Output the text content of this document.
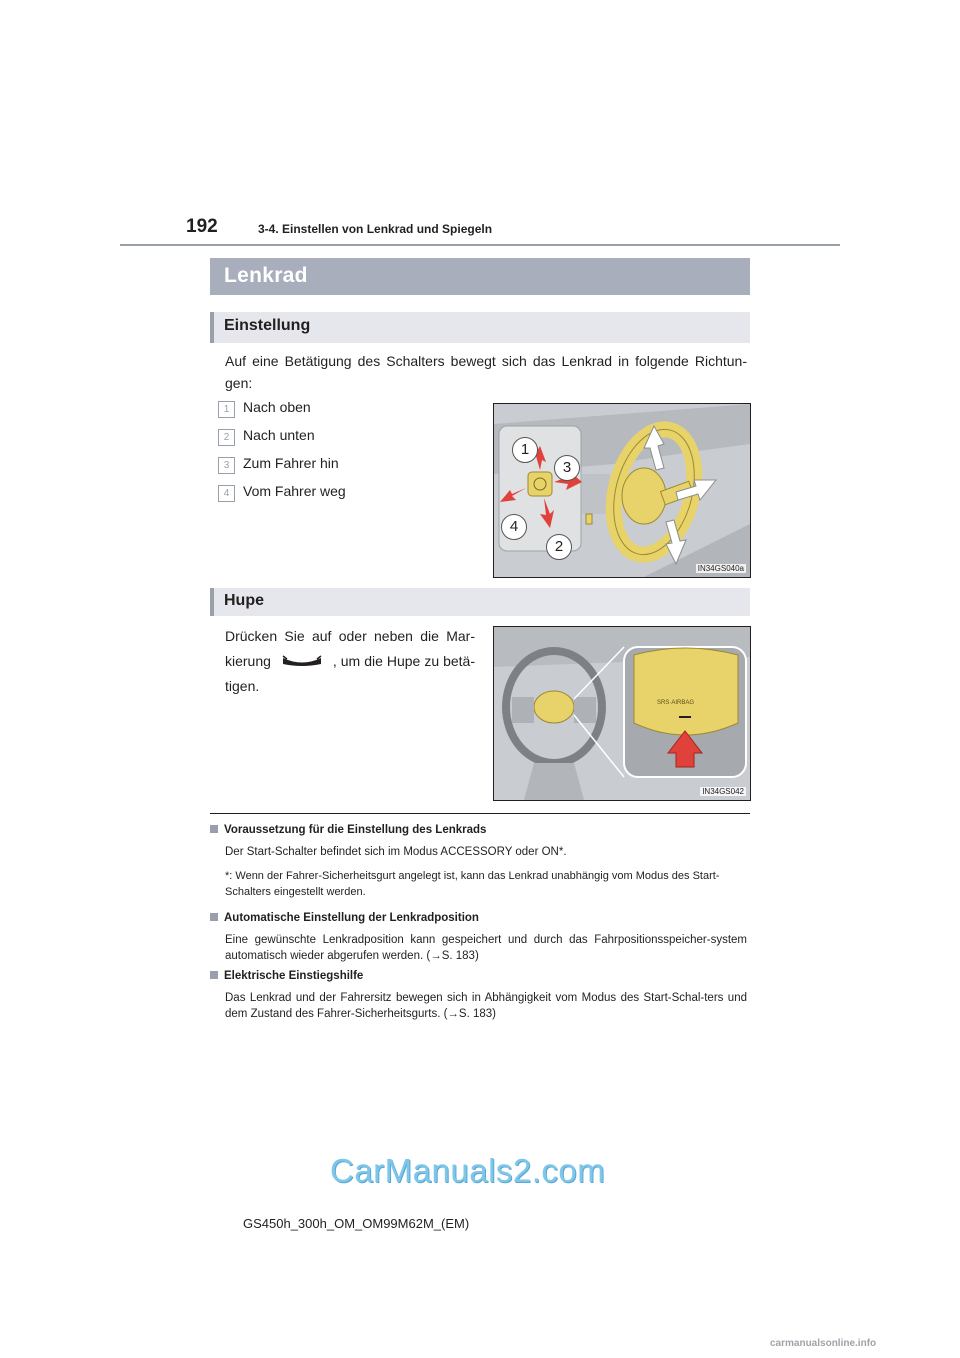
192	3-4. Einstellen von Lenkrad und Spiegeln
Lenkrad
Einstellung
Auf eine Betätigung des Schalters bewegt sich das Lenkrad in folgende Richtun-gen:
1 Nach oben
2 Nach unten
3 Zum Fahrer hin
4 Vom Fahrer weg
1
2
3
4
IN34GS040a
Hupe
Drücken Sie auf oder neben die Mar-kierung	, um die Hupe zu betä-tigen.
SRS·AIRBAG
IN34GS042
Voraussetzung für die Einstellung des Lenkrads
Der Start-Schalter befindet sich im Modus ACCESSORY oder ON*.
*: Wenn der Fahrer-Sicherheitsgurt angelegt ist, kann das Lenkrad unabhängig vom Modus des Start-Schalters eingestellt werden.
Automatische Einstellung der Lenkradposition
Eine gewünschte Lenkradposition kann gespeichert und durch das Fahrpositionsspeicher-system automatisch wieder abgerufen werden. (→S. 183)
Elektrische Einstiegshilfe
Das Lenkrad und der Fahrersitz bewegen sich in Abhängigkeit vom Modus des Start-Schal-ters und dem Zustand des Fahrer-Sicherheitsgurts. (→S. 183)
CarManuals2.com
GS450h_300h_OM_OM99M62M_(EM)
carmanualsonline.info
